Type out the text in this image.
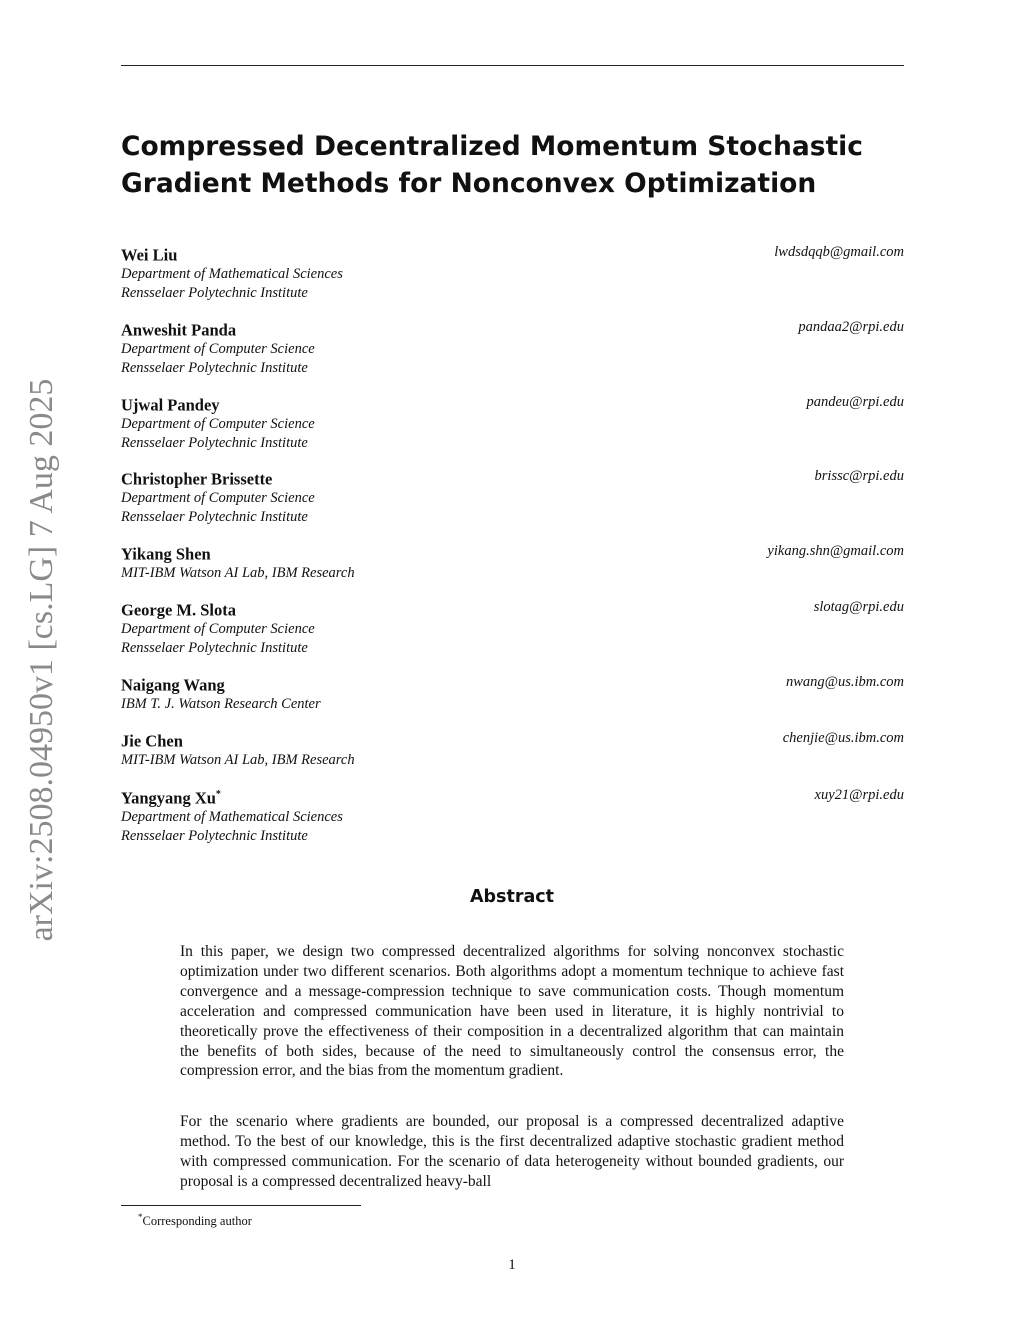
arXiv:2508.04950v1 [cs.LG] 7 Aug 2025
Compressed Decentralized Momentum Stochastic Gradient Methods for Nonconvex Optimization
Wei Liu	lwdsdqqb@gmail.com
Department of Mathematical Sciences
Rensselaer Polytechnic Institute
Anweshit Panda	pandaa2@rpi.edu
Department of Computer Science
Rensselaer Polytechnic Institute
Ujwal Pandey	pandeu@rpi.edu
Department of Computer Science
Rensselaer Polytechnic Institute
Christopher Brissette	brissc@rpi.edu
Department of Computer Science
Rensselaer Polytechnic Institute
Yikang Shen	yikang.shn@gmail.com
MIT-IBM Watson AI Lab, IBM Research
George M. Slota	slotag@rpi.edu
Department of Computer Science
Rensselaer Polytechnic Institute
Naigang Wang	nwang@us.ibm.com
IBM T. J. Watson Research Center
Jie Chen	chenjie@us.ibm.com
MIT-IBM Watson AI Lab, IBM Research
Yangyang Xu*	xuy21@rpi.edu
Department of Mathematical Sciences
Rensselaer Polytechnic Institute
Abstract

In this paper, we design two compressed decentralized algorithms for solving nonconvex stochastic optimization under two different scenarios. Both algorithms adopt a momentum technique to achieve fast convergence and a message-compression technique to save communication costs. Though momentum acceleration and compressed communication have been used in literature, it is highly nontrivial to theoretically prove the effectiveness of their composition in a decentralized algorithm that can maintain the benefits of both sides, because of the need to simultaneously control the consensus error, the compression error, and the bias from the momentum gradient.

For the scenario where gradients are bounded, our proposal is a compressed decentralized adaptive method. To the best of our knowledge, this is the first decentralized adaptive stochastic gradient method with compressed communication. For the scenario of data heterogeneity without bounded gradients, our proposal is a compressed decentralized heavy-ball

*Corresponding author
1
